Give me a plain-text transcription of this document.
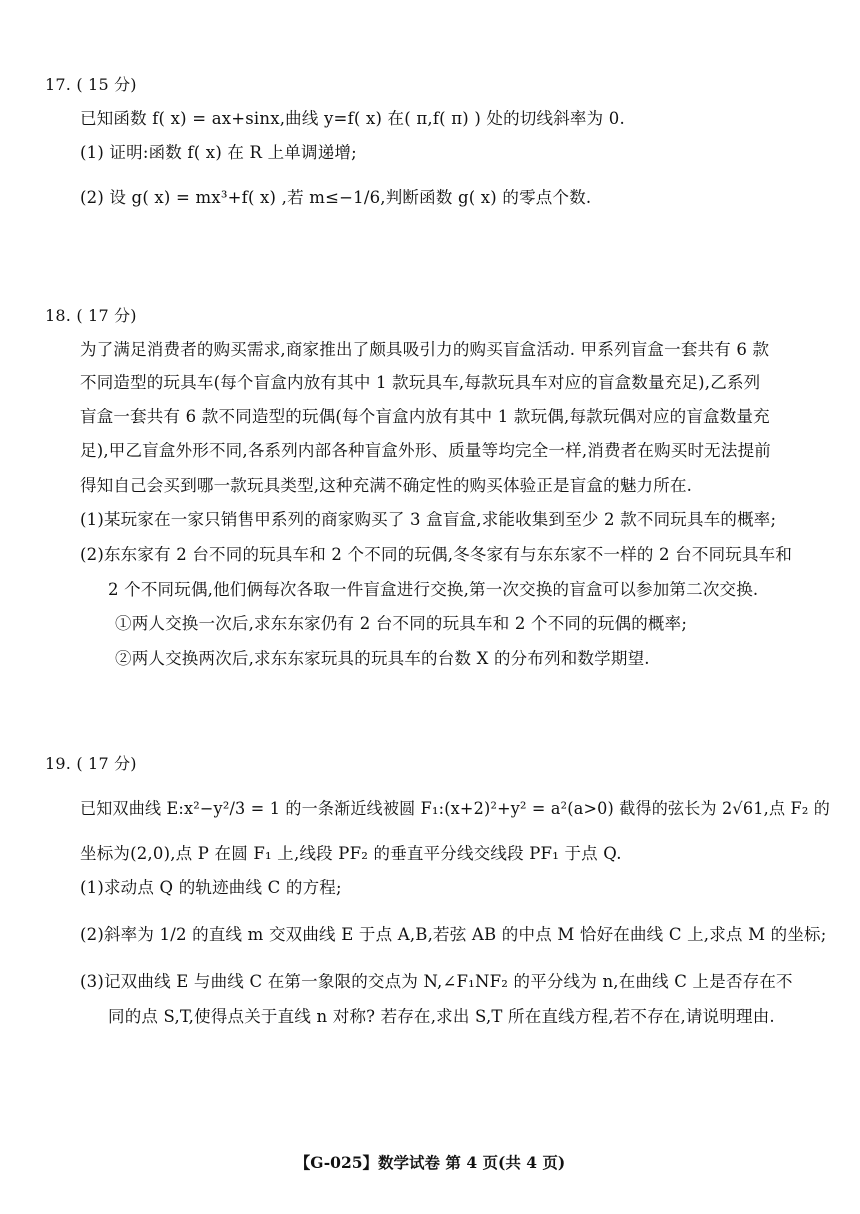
17. ( 15 分)
已知函数 f( x) = ax+sinx,曲线 y=f( x) 在( π,f( π) ) 处的切线斜率为 0.
(1) 证明:函数 f( x) 在 R 上单调递增;
(2) 设 g( x) = mx³+f( x) ,若 m≤−1/6,判断函数 g( x) 的零点个数.
18. ( 17 分)
为了满足消费者的购买需求,商家推出了颇具吸引力的购买盲盒活动. 甲系列盲盒一套共有 6 款
不同造型的玩具车(每个盲盒内放有其中 1 款玩具车,每款玩具车对应的盲盒数量充足),乙系列
盲盒一套共有 6 款不同造型的玩偶(每个盲盒内放有其中 1 款玩偶,每款玩偶对应的盲盒数量充
足),甲乙盲盒外形不同,各系列内部各种盲盒外形、质量等均完全一样,消费者在购买时无法提前
得知自己会买到哪一款玩具类型,这种充满不确定性的购买体验正是盲盒的魅力所在.
(1)某玩家在一家只销售甲系列的商家购买了 3 盒盲盒,求能收集到至少 2 款不同玩具车的概率;
(2)东东家有 2 台不同的玩具车和 2 个不同的玩偶,冬冬家有与东东家不一样的 2 台不同玩具车和
2 个不同玩偶,他们俩每次各取一件盲盒进行交换,第一次交换的盲盒可以参加第二次交换.
①两人交换一次后,求东东家仍有 2 台不同的玩具车和 2 个不同的玩偶的概率;
②两人交换两次后,求东东家玩具的玩具车的台数 X 的分布列和数学期望.
19. ( 17 分)
已知双曲线 E:x²−y²/3 = 1 的一条渐近线被圆 F₁:(x+2)²+y² = a²(a>0) 截得的弦长为 2√61,点 F₂ 的
坐标为(2,0),点 P 在圆 F₁ 上,线段 PF₂ 的垂直平分线交线段 PF₁ 于点 Q.
(1)求动点 Q 的轨迹曲线 C 的方程;
(2)斜率为 1/2 的直线 m 交双曲线 E 于点 A,B,若弦 AB 的中点 M 恰好在曲线 C 上,求点 M 的坐标;
(3)记双曲线 E 与曲线 C 在第一象限的交点为 N,∠F₁NF₂ 的平分线为 n,在曲线 C 上是否存在不
同的点 S,T,使得点关于直线 n 对称? 若存在,求出 S,T 所在直线方程,若不存在,请说明理由.
【G-025】数学试卷 第 4 页(共 4 页)
